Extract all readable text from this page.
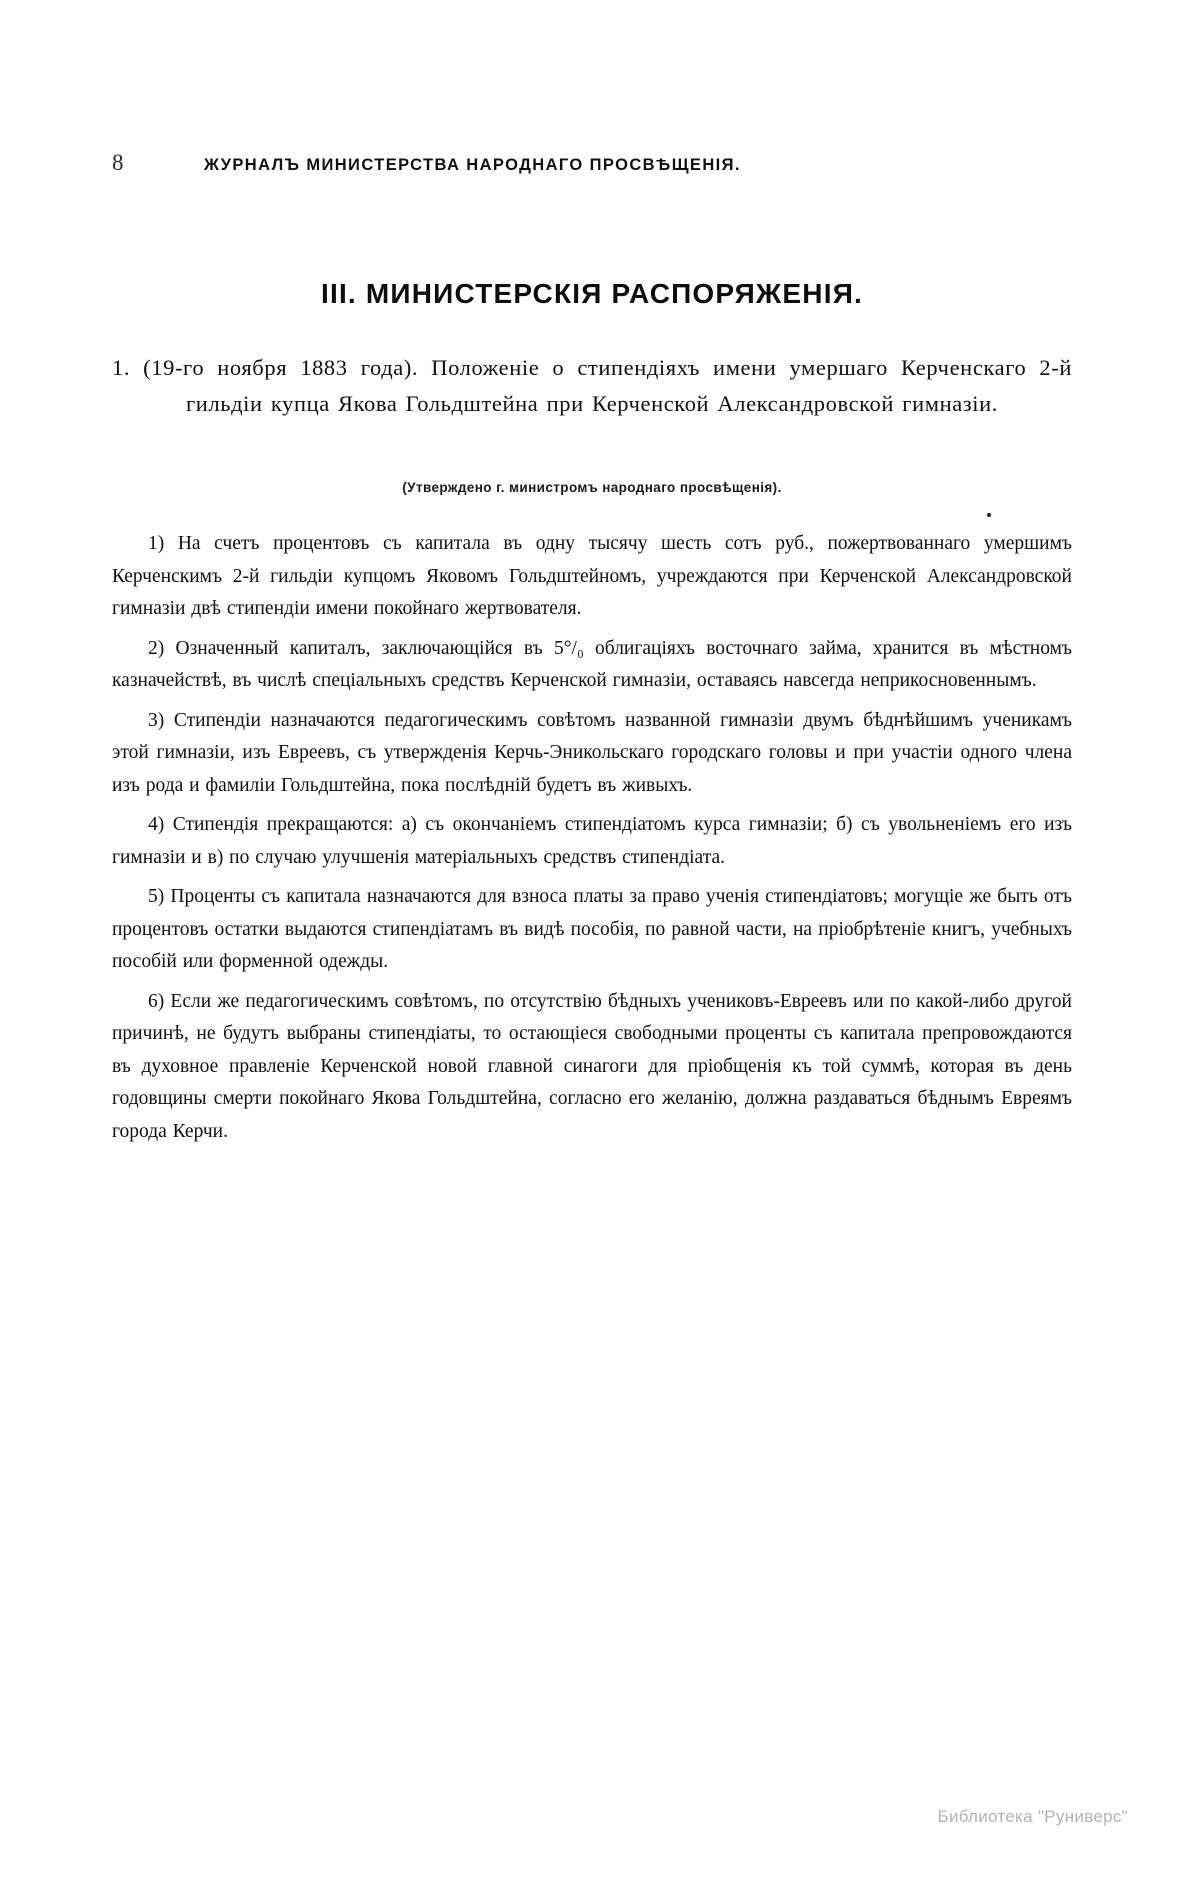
8	ЖУРНАЛЪ МИНИСТЕРСТВА НАРОДНАГО ПРОСВѢЩЕНІЯ.
III. МИНИСТЕРСКІЯ РАСПОРЯЖЕНІЯ.
1. (19-го ноября 1883 года). Положеніе о стипендіяхъ имени умершаго Керченскаго 2-й гильдіи купца Якова Гольдштейна при Керченской Александровской гимназіи.
(Утверждено г. министромъ народнаго просвѣщенія).

1) На счетъ процентовъ съ капитала въ одну тысячу шесть сотъ руб., пожертвованнаго умершимъ Керченскимъ 2-й гильдіи купцомъ Яковомъ Гольдштейномъ, учреждаются при Керченской Александровской гимназіи двѣ стипендіи имени покойнаго жертвователя.

2) Означенный капиталъ, заключающійся въ 5°/₀ облигаціяхъ восточнаго займа, хранится въ мѣстномъ казначействѣ, въ числѣ спеціальныхъ средствъ Керченской гимназіи, оставаясь навсегда неприкосновеннымъ.

3) Стипендіи назначаются педагогическимъ совѣтомъ названной гимназіи двумъ бѣднѣйшимъ ученикамъ этой гимназіи, изъ Евреевъ, съ утвержденія Керчь-Эникольскаго городскаго головы и при участіи одного члена изъ рода и фамиліи Гольдштейна, пока послѣдній будетъ въ живыхъ.

4) Стипендія прекращаются: а) съ окончаніемъ стипендіатомъ курса гимназіи; б) съ увольненіемъ его изъ гимназіи и в) по случаю улучшенія матеріальныхъ средствъ стипендіата.

5) Проценты съ капитала назначаются для взноса платы за право ученія стипендіатовъ; могущіе же быть отъ процентовъ остатки выдаются стипендіатамъ въ видѣ пособія, по равной части, на пріобрѣтеніе книгъ, учебныхъ пособій или форменной одежды.

6) Если же педагогическимъ совѣтомъ, по отсутствію бѣдныхъ учениковъ-Евреевъ или по какой-либо другой причинѣ, не будутъ выбраны стипендіаты, то остающіеся свободными проценты съ капитала препровождаются въ духовное правленіе Керченской новой главной синагоги для пріобщенія къ той суммѣ, которая въ день годовщины смерти покойнаго Якова Гольдштейна, согласно его желанію, должна раздаваться бѣднымъ Евреямъ города Керчи.

Библиотека "Руниверс"
